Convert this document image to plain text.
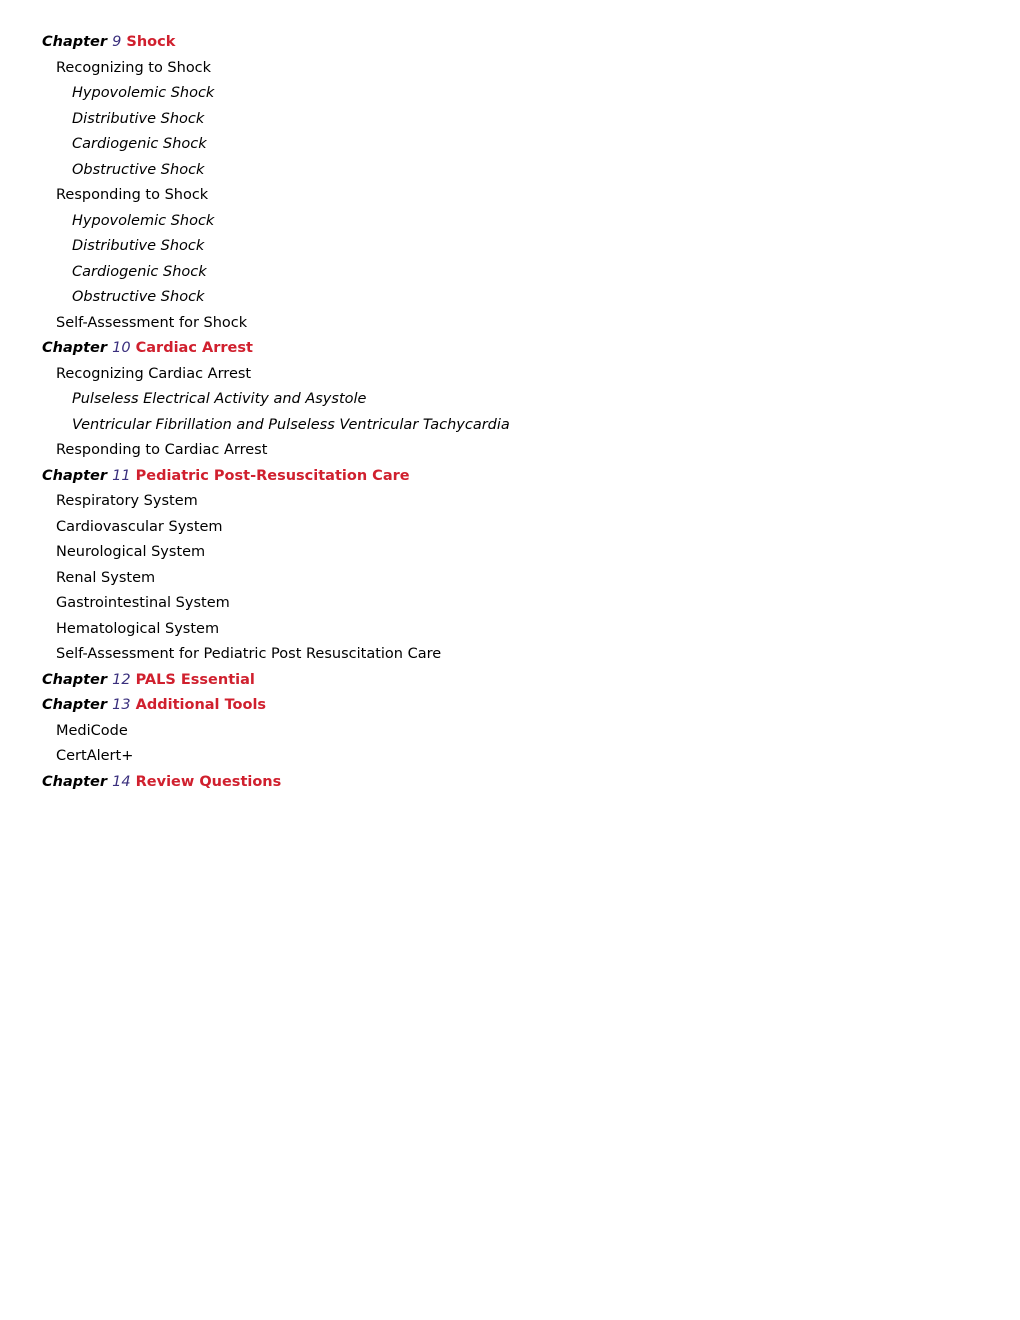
Chapter 9 Shock
Recognizing to Shock
Hypovolemic Shock
Distributive Shock
Cardiogenic Shock
Obstructive Shock
Responding to Shock
Hypovolemic Shock
Distributive Shock
Cardiogenic Shock
Obstructive Shock
Self-Assessment for Shock
Chapter 10 Cardiac Arrest
Recognizing Cardiac Arrest
Pulseless Electrical Activity and Asystole
Ventricular Fibrillation and Pulseless Ventricular Tachycardia
Responding to Cardiac Arrest
Chapter 11 Pediatric Post-Resuscitation Care
Respiratory System
Cardiovascular System
Neurological System
Renal System
Gastrointestinal System
Hematological System
Self-Assessment for Pediatric Post Resuscitation Care
Chapter 12 PALS Essential
Chapter 13 Additional Tools
MediCode
CertAlert+
Chapter 14 Review Questions
